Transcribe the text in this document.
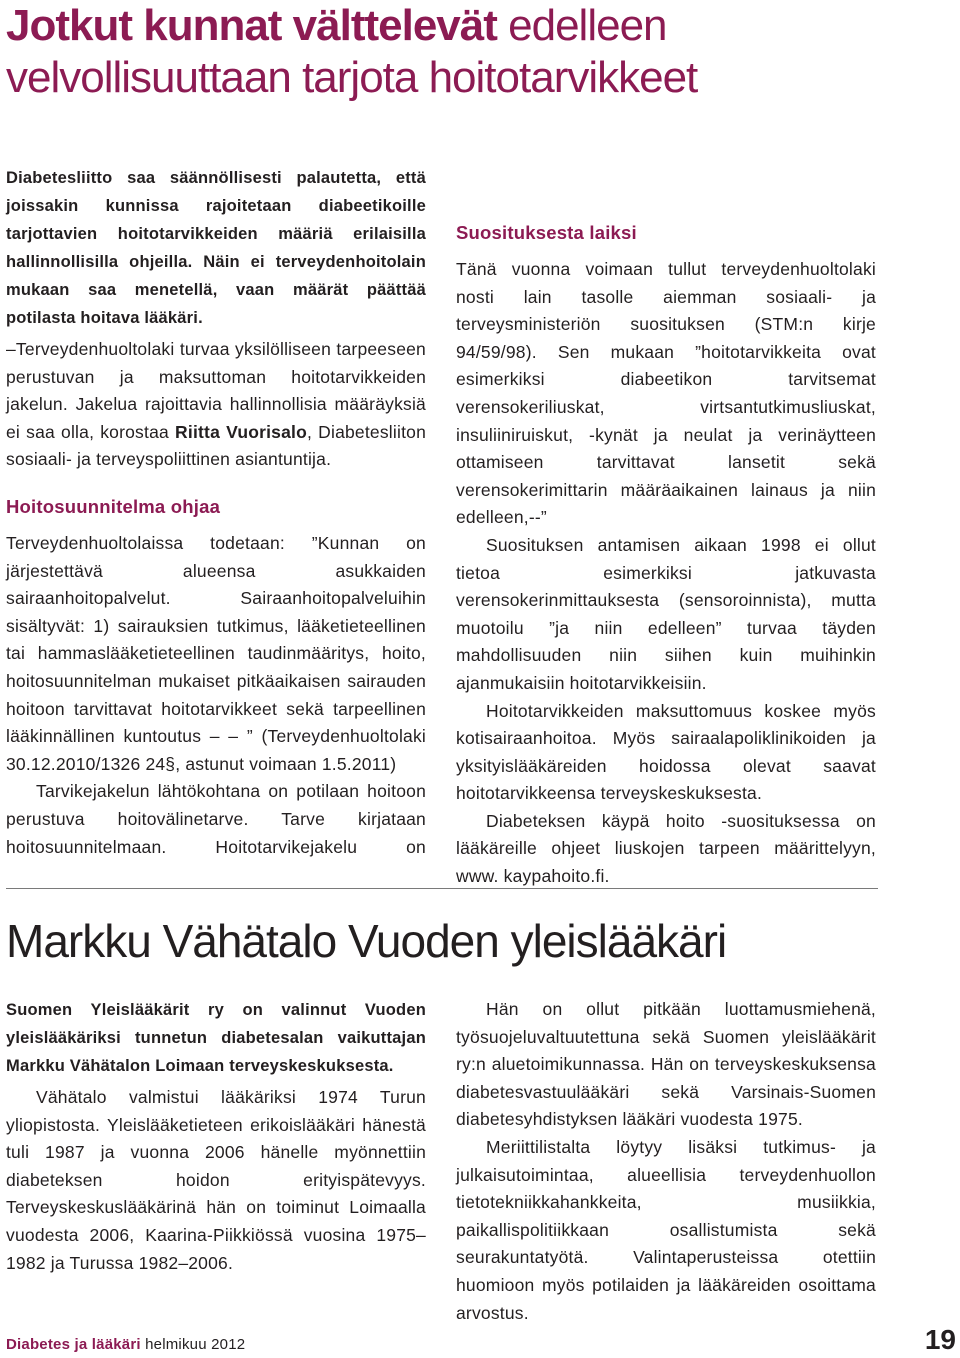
Jotkut kunnat välttelevät edelleen velvollisuuttaan tarjota hoitotarvikkeet

Diabetesliitto saa säännöllisesti palautetta, että joissakin kunnissa rajoitetaan diabeetikoille tarjottavien hoitotarvikkeiden määriä erilaisilla hallinnollisilla ohjeilla. Näin ei terveydenhoitolain mukaan saa menetellä, vaan määrät päättää potilasta hoitava lääkäri.

–Terveydenhuoltolaki turvaa yksilölliseen tarpeeseen perustuvan ja maksuttoman hoitotarvikkeiden jakelun. Jakelua rajoittavia hallinnollisia määräyksiä ei saa olla, korostaa Riitta Vuorisalo, Diabetesliiton sosiaali- ja terveyspoliittinen asiantuntija.

Hoitosuunnitelma ohjaa

Terveydenhuoltolaissa todetaan: ”Kunnan on järjestettävä alueensa asukkaiden sairaanhoitopalvelut. Sairaanhoitopalveluihin sisältyvät: 1) sairauksien tutkimus, lääketieteellinen tai hammaslääketieteellinen taudinmääritys, hoito, hoitosuunnitelman mukaiset pitkäaikaisen sairauden hoitoon tarvittavat hoitotarvikkeet sekä tarpeellinen lääkinnällinen kuntoutus – – ” (Terveydenhuoltolaki 30.12.2010/1326 24§, astunut voimaan 1.5.2011)

Tarvikejakelun lähtökohtana on potilaan hoitoon perustuva hoitovälinetarve. Tarve kirjataan hoitosuunnitelmaan. Hoitotarvikejakelu on

Suosituksesta laiksi

Tänä vuonna voimaan tullut terveydenhuoltolaki nosti lain tasolle aiemman sosiaali- ja terveysministeriön suosituksen (STM:n kirje 94/59/98). Sen mukaan ”hoitotarvikkeita ovat esimerkiksi diabeetikon tarvitsemat verensokeriliuskat, virtsantutkimusliuskat, insuliiniruiskut, -kynät ja neulat ja verinäytteen ottamiseen tarvittavat lansetit sekä verensokerimittarin määräaikainen lainaus ja niin edelleen,--”

Suosituksen antamisen aikaan 1998 ei ollut tietoa esimerkiksi jatkuvasta verensokerinmittauksesta (sensoroinnista), mutta muotoilu ”ja niin edelleen” turvaa täyden mahdollisuuden niin siihen kuin muihinkin ajanmukaisiin hoitotarvikkeisiin.

Hoitotarvikkeiden maksuttomuus koskee myös kotisairaanhoitoa. Myös sairaalapoliklinikoiden ja yksityislääkäreiden hoidossa olevat saavat hoitotarvikkeensa terveyskeskuksesta.

Diabeteksen käypä hoito -suosituksessa on lääkäreille ohjeet liuskojen tarpeen määrittelyyn, www. kaypahoito.fi.

Markku Vähätalo Vuoden yleislääkäri

Suomen Yleislääkärit ry on valinnut Vuoden yleislääkäriksi tunnetun diabetesalan vaikuttajan Markku Vähätalon Loimaan terveyskeskuksesta.

Vähätalo valmistui lääkäriksi 1974 Turun yliopistosta. Yleislääketieteen erikoislääkäri hänestä tuli 1987 ja vuonna 2006 hänelle myönnettiin diabeteksen hoidon erityispätevyys. Terveyskeskuslääkärinä hän on toiminut Loimaalla vuodesta 2006, Kaarina-Piikkiössä vuosina 1975–1982 ja Turussa 1982–2006.

Hän on ollut pitkään luottamusmiehenä, työsuojeluvaltuutettuna sekä Suomen yleislääkärit ry:n aluetoimikunnassa. Hän on terveyskeskuksensa diabetesvastuulääkäri sekä Varsinais-Suomen diabetesyhdistyksen lääkäri vuodesta 1975.

Meriittilistalta löytyy lisäksi tutkimus- ja julkaisutoimintaa, alueellisia terveydenhuollon tietotekniikkahankkeita, musiikkia, paikallispolitiikkaan osallistumista sekä seurakuntatyötä. Valintaperusteissa otettiin huomioon myös potilaiden ja lääkäreiden osoittama arvostus.

Diabetes ja lääkäri helmikuu 2012	19
